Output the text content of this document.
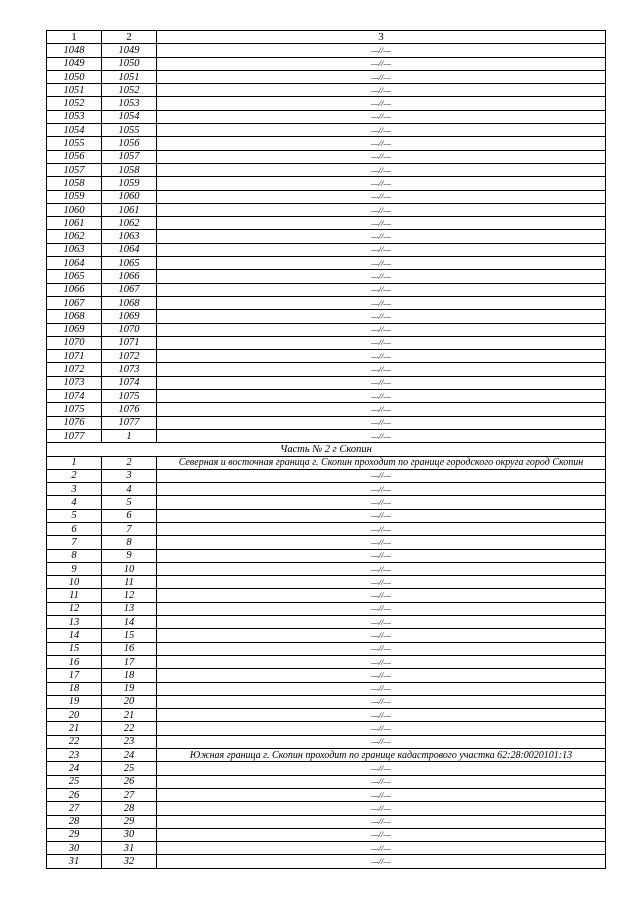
1	2	3
1048	1049	—//—
1049	1050	—//—
1050	1051	—//—
1051	1052	—//—
1052	1053	—//—
1053	1054	—//—
1054	1055	—//—
1055	1056	—//—
1056	1057	—//—
1057	1058	—//—
1058	1059	—//—
1059	1060	—//—
1060	1061	—//—
1061	1062	—//—
1062	1063	—//—
1063	1064	—//—
1064	1065	—//—
1065	1066	—//—
1066	1067	—//—
1067	1068	—//—
1068	1069	—//—
1069	1070	—//—
1070	1071	—//—
1071	1072	—//—
1072	1073	—//—
1073	1074	—//—
1074	1075	—//—
1075	1076	—//—
1076	1077	—//—
1077	1	—//—
Часть № 2 г Скопин		
1	2	Северная и восточная граница г. Скопин проходит по границе городского округа город Скопин
2	3	—//—
3	4	—//—
4	5	—//—
5	6	—//—
6	7	—//—
7	8	—//—
8	9	—//—
9	10	—//—
10	11	—//—
11	12	—//—
12	13	—//—
13	14	—//—
14	15	—//—
15	16	—//—
16	17	—//—
17	18	—//—
18	19	—//—
19	20	—//—
20	21	—//—
21	22	—//—
22	23	—//—
23	24	Южная граница г. Скопин проходит по границе кадастрового участка 62:28:0020101:13
24	25	—//—
25	26	—//—
26	27	—//—
27	28	—//—
28	29	—//—
29	30	—//—
30	31	—//—
31	32	—//—
